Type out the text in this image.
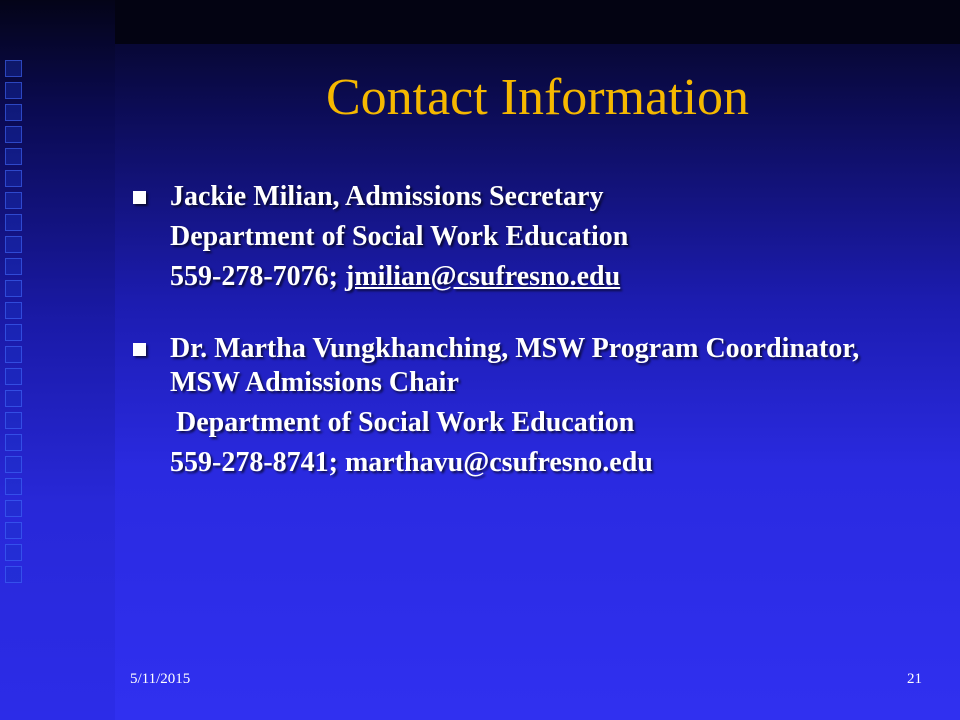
Contact Information
Jackie Milian, Admissions Secretary
Department of Social Work Education
559-278-7076; jmilian@csufresno.edu
Dr. Martha Vungkhanching, MSW Program Coordinator,
MSW Admissions Chair
Department of Social Work Education
559-278-8741; marthavu@csufresno.edu
5/11/2015	21
